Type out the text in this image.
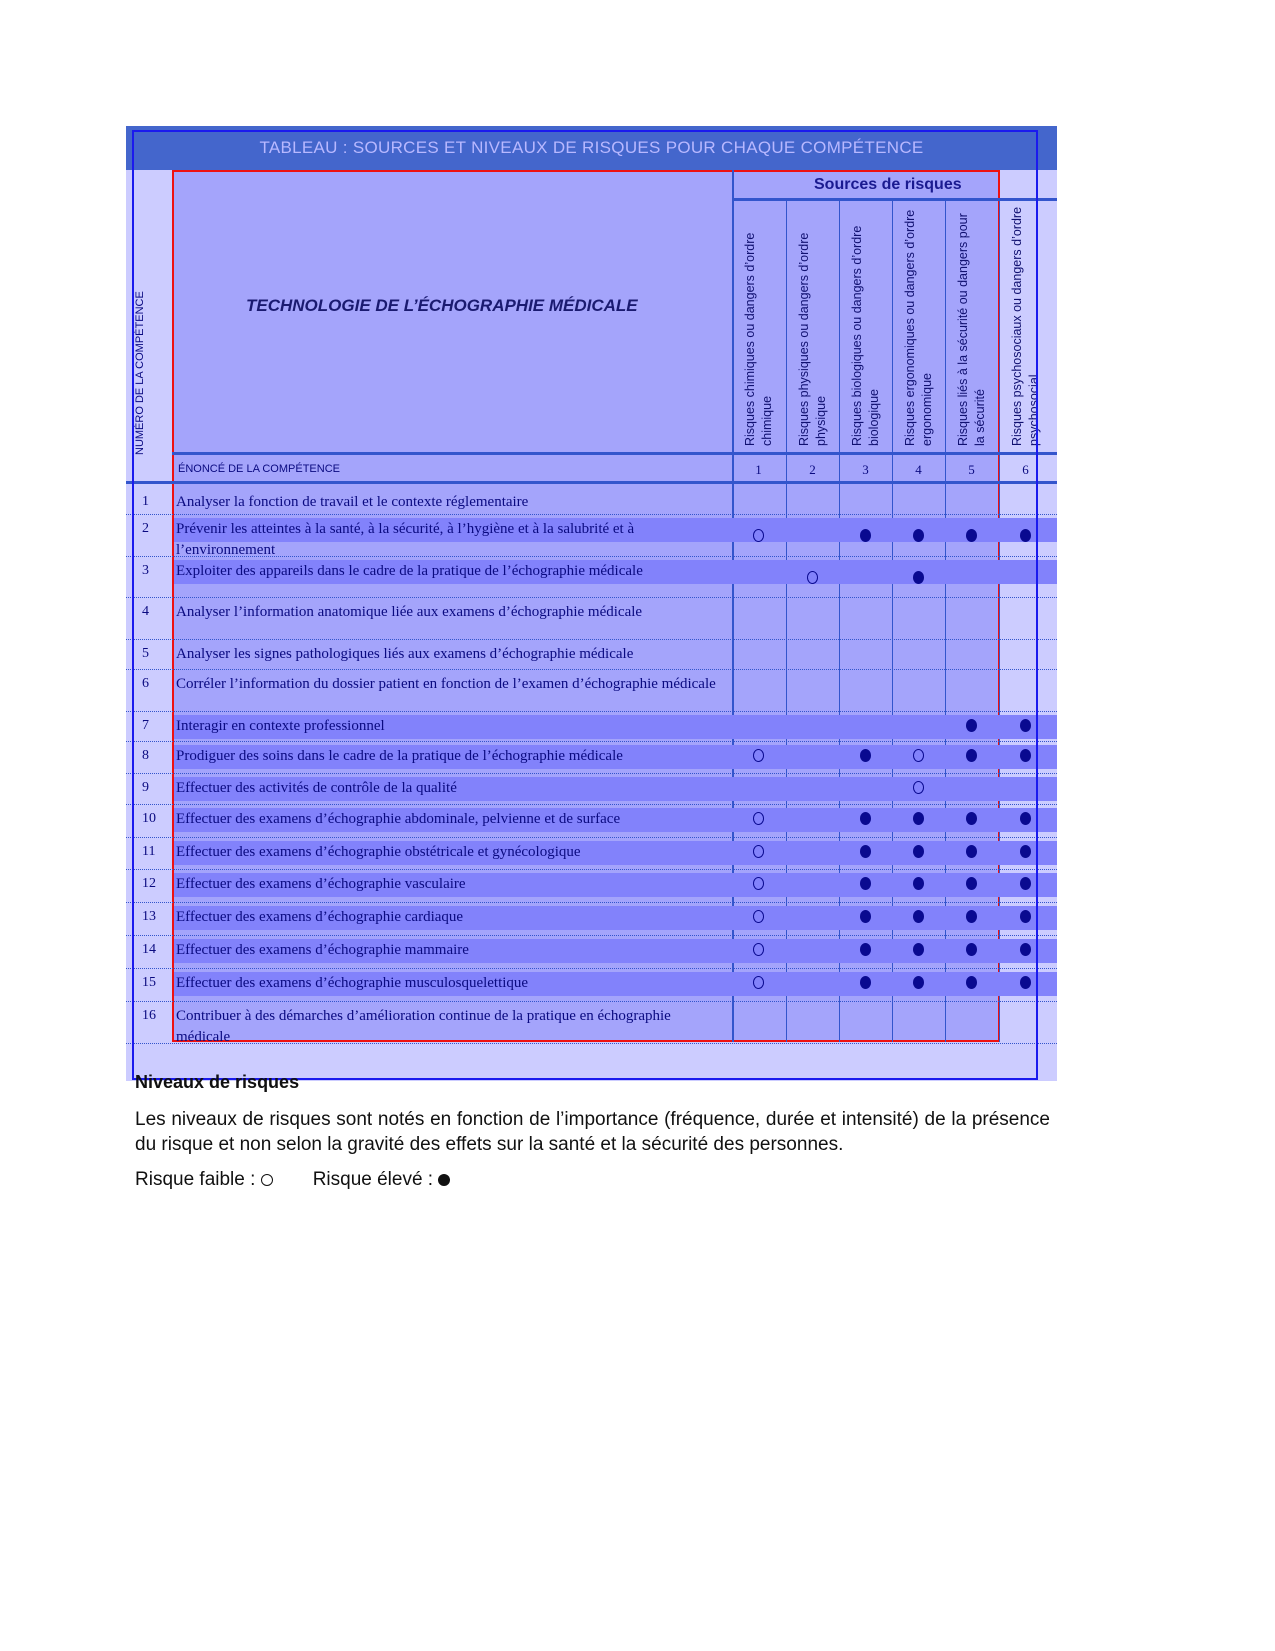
TABLEAU : SOURCES ET NIVEAUX DE RISQUES POUR CHAQUE COMPÉTENCE
NUMÉRO DE LA COMPÉTENCE	TECHNOLOGIE DE L’ÉCHOGRAPHIE MÉDICALE
Sources de risques
ÉNONCÉ DE LA COMPÉTENCE
Risques chimiques ou dangers d’ordre chimique
1
Risques physiques ou dangers d’ordre physique
2
Risques biologiques ou dangers d’ordre biologique
3
Risques ergonomiques ou dangers d’ordre ergonomique
4
Risques liés à la sécurité ou dangers pour la sécurité
5
Risques psychosociaux ou dangers d’ordre psychosocial
6
1 Analyser la fonction de travail et le contexte réglementaire
2 Prévenir les atteintes à la santé, à la sécurité, à l’hygiène et à la salubrité et à l’environnement
3 Exploiter des appareils dans le cadre de la pratique de l’échographie médicale
4 Analyser l’information anatomique liée aux examens d’échographie médicale
5 Analyser les signes pathologiques liés aux examens d’échographie médicale
6 Corréler l’information du dossier patient en fonction de l’examen d’échographie médicale
7 Interagir en contexte professionnel
8 Prodiguer des soins dans le cadre de la pratique de l’échographie médicale
9 Effectuer des activités de contrôle de la qualité
10 Effectuer des examens d’échographie abdominale, pelvienne et de surface
11 Effectuer des examens d’échographie obstétricale et gynécologique
12 Effectuer des examens d’échographie vasculaire
13 Effectuer des examens d’échographie cardiaque
14 Effectuer des examens d’échographie mammaire
15 Effectuer des examens d’échographie musculosquelettique
16 Contribuer à des démarches d’amélioration continue de la pratique en échographie médicale
Niveaux de risques

Les niveaux de risques sont notés en fonction de l’importance (fréquence, durée et intensité) de la présence du risque et non selon la gravité des effets sur la santé et la sécurité des personnes.

Risque faible :	Risque élevé :
